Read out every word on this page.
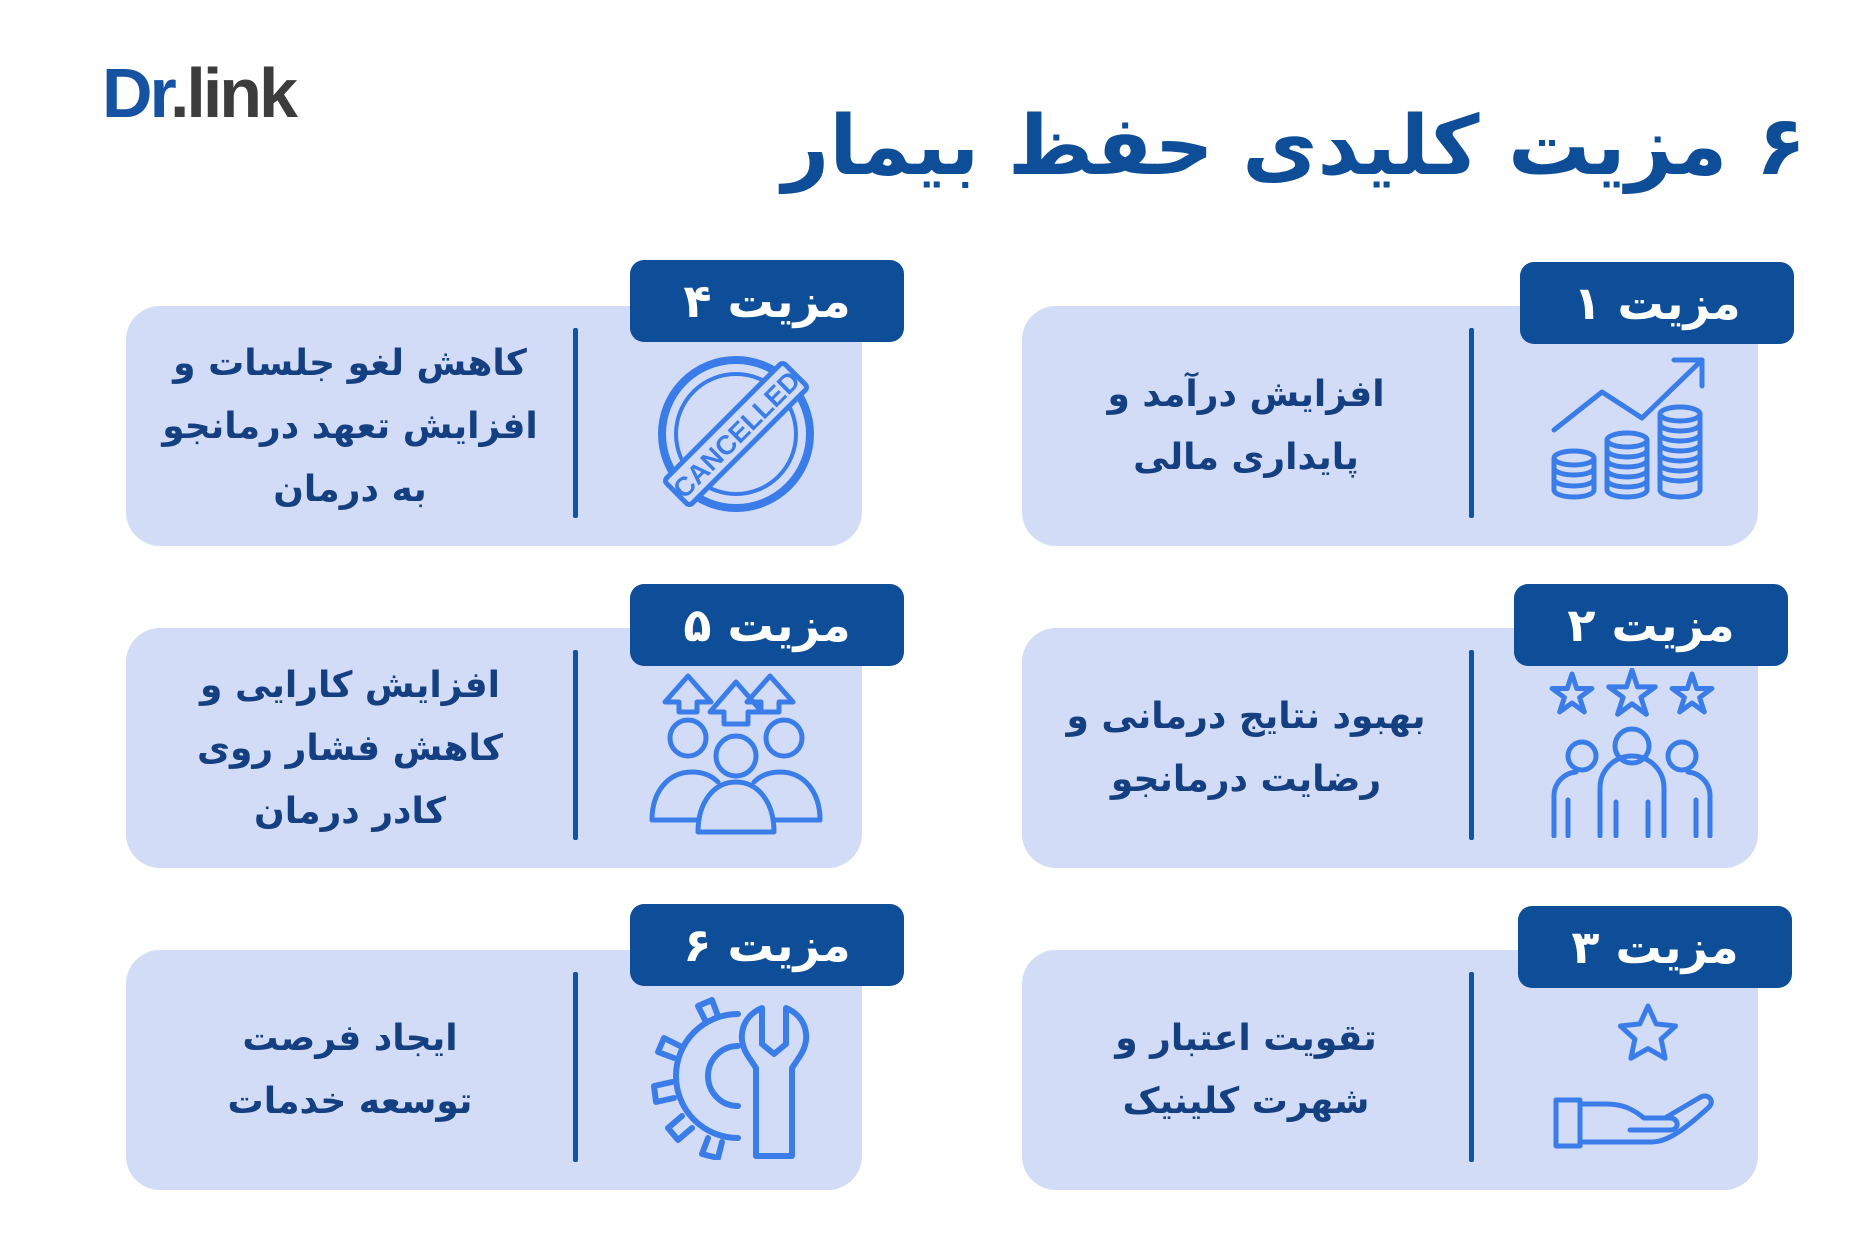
Dr.link
۶ مزیت کلیدی حفظ بیمار
افزایش درآمد و
پایداری مالی
مزیت ۱
بهبود نتایج درمانی و
رضایت درمانجو
مزیت ۲
تقویت اعتبار و
شهرت کلینیک
مزیت ۳
کاهش لغو جلسات و
افزایش تعهد درمانجو
به درمان	CANCELLED
مزیت ۴
افزایش کارایی و
کاهش فشار روی
کادر درمان
مزیت ۵
ایجاد فرصت
توسعه خدمات
مزیت ۶
